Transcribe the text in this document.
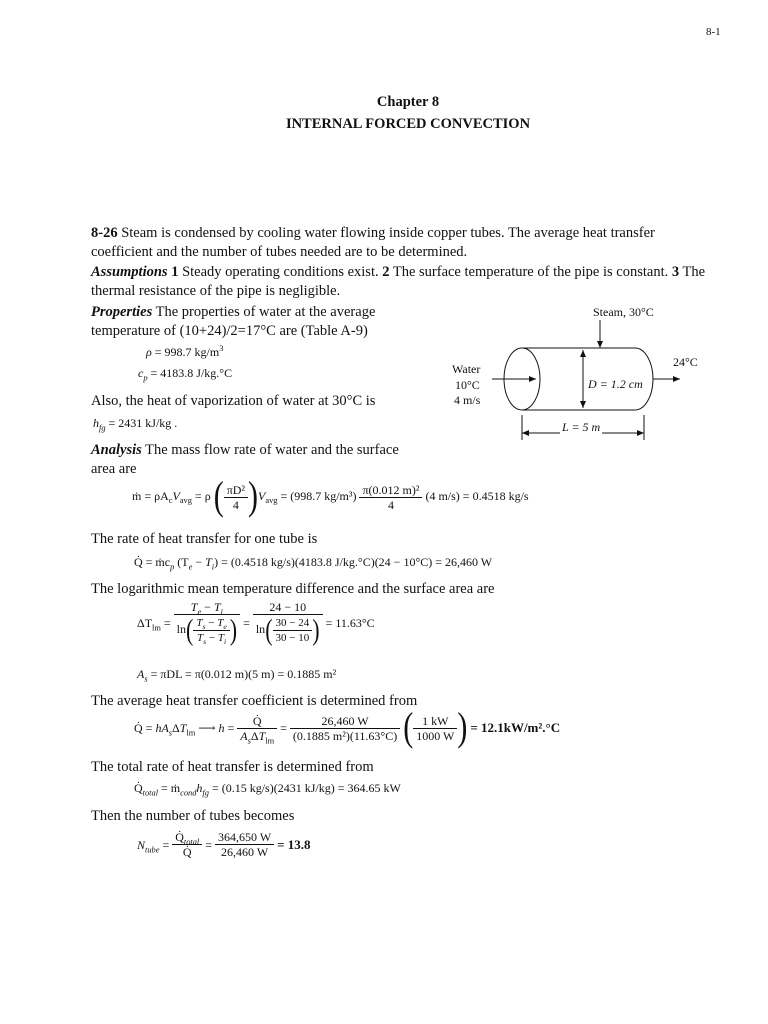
8-1
Chapter 8
INTERNAL FORCED CONVECTION
8-26 Steam is condensed by cooling water flowing inside copper tubes. The average heat transfer coefficient and the number of tubes needed are to be determined.
Assumptions 1 Steady operating conditions exist. 2 The surface temperature of the pipe is constant. 3 The thermal resistance of the pipe is negligible.
Properties The properties of water at the average temperature of (10+24)/2=17°C are (Table A-9)
ρ = 998.7 $kg/m^3$
$c_p = 4183.8$ J/kg.°C
Also, the heat of vaporization of water at 30°C is
$h_{fg} = 2431$ kJ/kg .
Analysis The mass flow rate of water and the surface area are
Steam, 30°C
24°C
Water
10°C
4 m/s
D = 1.2 cm
L = 5 m
ṁ = $\rho A_cV_{avg} = \rho$ ( $\frac{\text{πD²}}{4} )V_{avg} = (998.7$ $kg/m^3) \frac{\text{π(0.012 m)²}}{4} (4$ m/s) = 0.4518 kg/s
The rate of heat transfer for one tube is
Q̇ = $ṁc_p$ $(T_e - T_i) = (0.4518$ kg/s)(4183.8 J/kg.°C)(24 − 10°C) = 26,460 W
The logarithmic mean temperature difference and the surface area are
$\Delta T_{lm} = \frac{T_e - T_i}{\ln( \frac{T_s - T_e}{T_s - T_i} )} = \frac{24 - 10}{\ln( \frac{30 - 24}{30 - 10} )} = 11.63^\circ C$
$A_s = \pi DL = \pi(0.012$ m)(5 m) = 0.1885 m²
The average heat transfer coefficient is determined from
Q̇ = $hA_s\Delta T_{lm}$ ⟶ $h = \frac{Q̇}{A_s\Delta T_{lm}} = \frac{26,460 W}{\text{(0.1885 m²)(11.63°C)}}$ ( $\frac{1 kW}{1000 W}$ ) = 12.1kW/m².°C
The total rate of heat transfer is determined from
$Q̇_{total}$ = $ṁ_{cond}h_{fg} = (0.15$ kg/s)(2431 kJ/kg) = 364.65 kW
Then the number of tubes becomes
$N_{tube} = \frac{Q̇_{total}}{Q̇} = \frac{364,650 W}{26,460 W} = 13.8$
